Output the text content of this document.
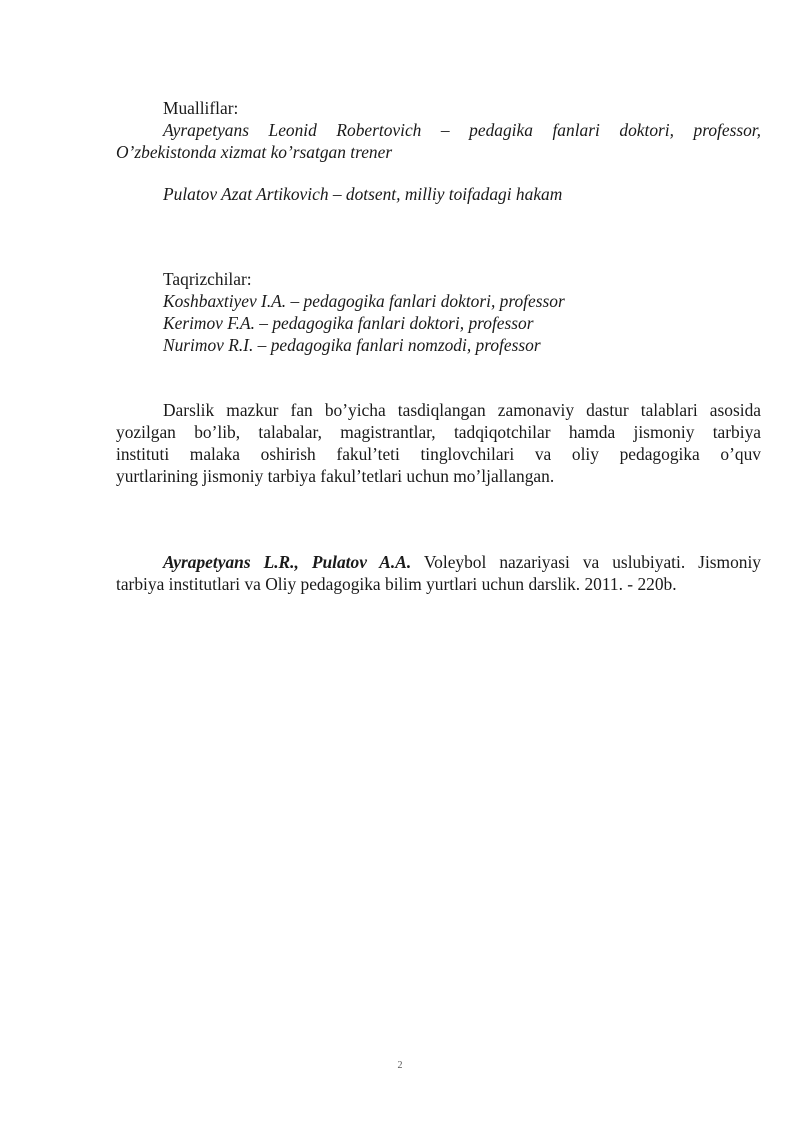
Mualliflar:
Ayrapetyans Leonid Robertovich – pedagika fanlari doktori, professor,
O’zbekistonda xizmat ko’rsatgan trener
Pulatov Azat Artikovich – dotsent, milliy toifadagi hakam
Taqrizchilar:
Koshbaxtiyev I.A. – pedagogika fanlari doktori, professor
Kerimov F.A. – pedagogika fanlari doktori, professor
Nurimov R.I. – pedagogika fanlari nomzodi, professor
Darslik mazkur fan bo’yicha tasdiqlangan zamonaviy dastur talablari asosida
yozilgan bo’lib, talabalar, magistrantlar, tadqiqotchilar hamda jismoniy tarbiya
instituti malaka oshirish fakul’teti tinglovchilari va oliy pedagogika o’quv
yurtlarining jismoniy tarbiya fakul’tetlari uchun mo’ljallangan.
Ayrapetyans L.R., Pulatov A.A. Voleybol nazariyasi va uslubiyati. Jismoniy
tarbiya institutlari va Oliy pedagogika bilim yurtlari uchun darslik. 2011. - 220b.
2
